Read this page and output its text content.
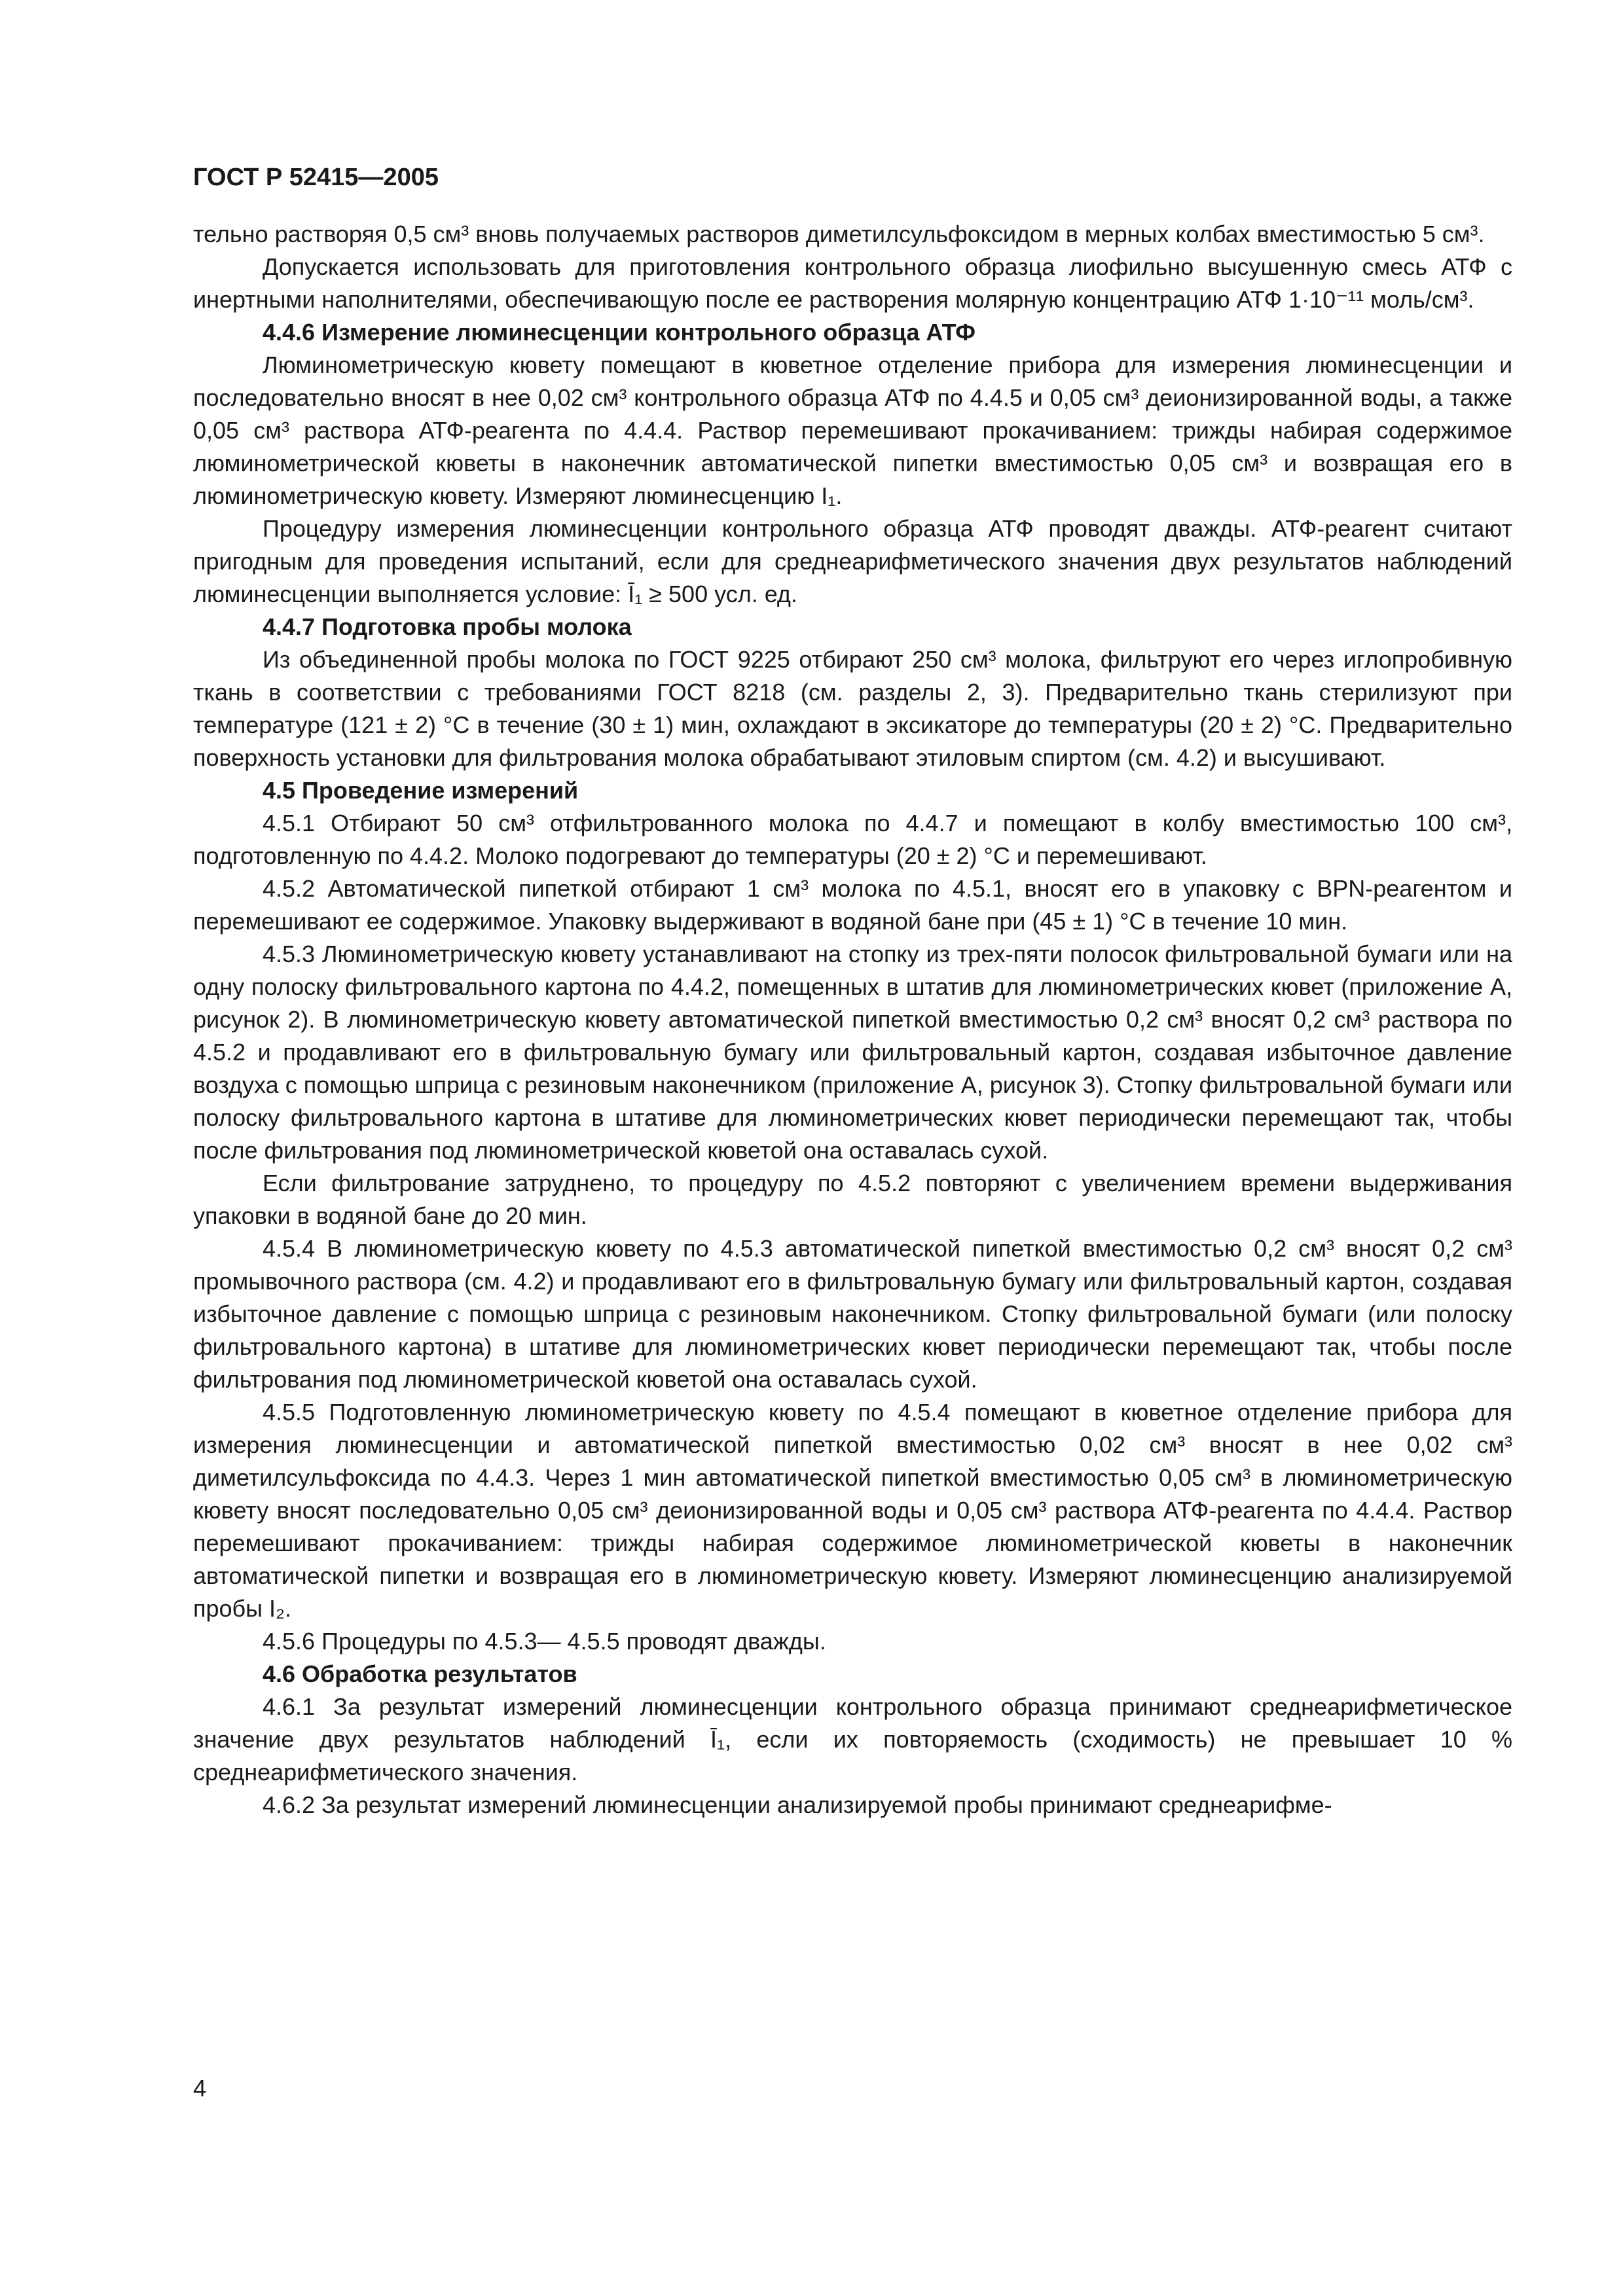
ГОСТ Р 52415—2005

тельно растворяя 0,5 см³ вновь получаемых растворов диметилсульфоксидом в мерных колбах вместимостью 5 см³.

Допускается использовать для приготовления контрольного образца лиофильно высушенную смесь АТФ с инертными наполнителями, обеспечивающую после ее растворения молярную концентрацию АТФ 1·10⁻¹¹ моль/см³.

4.4.6 Измерение люминесценции контрольного образца АТФ

Люминометрическую кювету помещают в кюветное отделение прибора для измерения люминесценции и последовательно вносят в нее 0,02 см³ контрольного образца АТФ по 4.4.5 и 0,05 см³ деионизированной воды, а также 0,05 см³ раствора АТФ-реагента по 4.4.4. Раствор перемешивают прокачиванием: трижды набирая содержимое люминометрической кюветы в наконечник автоматической пипетки вместимостью 0,05 см³ и возвращая его в люминометрическую кювету. Измеряют люминесценцию I₁.

Процедуру измерения люминесценции контрольного образца АТФ проводят дважды. АТФ-реагент считают пригодным для проведения испытаний, если для среднеарифметического значения двух результатов наблюдений люминесценции выполняется условие: Ī₁ ≥ 500 усл. ед.

4.4.7 Подготовка пробы молока

Из объединенной пробы молока по ГОСТ 9225 отбирают 250 см³ молока, фильтруют его через иглопробивную ткань в соответствии с требованиями ГОСТ 8218 (см. разделы 2, 3). Предварительно ткань стерилизуют при температуре (121 ± 2) °С в течение (30 ± 1) мин, охлаждают в эксикаторе до температуры (20 ± 2) °С. Предварительно поверхность установки для фильтрования молока обрабатывают этиловым спиртом (см. 4.2) и высушивают.

4.5 Проведение измерений

4.5.1 Отбирают 50 см³ отфильтрованного молока по 4.4.7 и помещают в колбу вместимостью 100 см³, подготовленную по 4.4.2. Молоко подогревают до температуры (20 ± 2) °С и перемешивают.

4.5.2 Автоматической пипеткой отбирают 1 см³ молока по 4.5.1, вносят его в упаковку с BPN-реагентом и перемешивают ее содержимое. Упаковку выдерживают в водяной бане при (45 ± 1) °С в течение 10 мин.

4.5.3 Люминометрическую кювету устанавливают на стопку из трех-пяти полосок фильтровальной бумаги или на одну полоску фильтровального картона по 4.4.2, помещенных в штатив для люминометрических кювет (приложение А, рисунок 2). В люминометрическую кювету автоматической пипеткой вместимостью 0,2 см³ вносят 0,2 см³ раствора по 4.5.2 и продавливают его в фильтровальную бумагу или фильтровальный картон, создавая избыточное давление воздуха с помощью шприца с резиновым наконечником (приложение А, рисунок 3). Стопку фильтровальной бумаги или полоску фильтровального картона в штативе для люминометрических кювет периодически перемещают так, чтобы после фильтрования под люминометрической кюветой она оставалась сухой.

Если фильтрование затруднено, то процедуру по 4.5.2 повторяют с увеличением времени выдерживания упаковки в водяной бане до 20 мин.

4.5.4 В люминометрическую кювету по 4.5.3 автоматической пипеткой вместимостью 0,2 см³ вносят 0,2 см³ промывочного раствора (см. 4.2) и продавливают его в фильтровальную бумагу или фильтровальный картон, создавая избыточное давление с помощью шприца с резиновым наконечником. Стопку фильтровальной бумаги (или полоску фильтровального картона) в штативе для люминометрических кювет периодически перемещают так, чтобы после фильтрования под люминометрической кюветой она оставалась сухой.

4.5.5 Подготовленную люминометрическую кювету по 4.5.4 помещают в кюветное отделение прибора для измерения люминесценции и автоматической пипеткой вместимостью 0,02 см³ вносят в нее 0,02 см³ диметилсульфоксида по 4.4.3. Через 1 мин автоматической пипеткой вместимостью 0,05 см³ в люминометрическую кювету вносят последовательно 0,05 см³ деионизированной воды и 0,05 см³ раствора АТФ-реагента по 4.4.4. Раствор перемешивают прокачиванием: трижды набирая содержимое люминометрической кюветы в наконечник автоматической пипетки и возвращая его в люминометрическую кювету. Измеряют люминесценцию анализируемой пробы I₂.

4.5.6 Процедуры по 4.5.3— 4.5.5 проводят дважды.

4.6 Обработка результатов

4.6.1 За результат измерений люминесценции контрольного образца принимают среднеарифметическое значение двух результатов наблюдений Ī₁, если их повторяемость (сходимость) не превышает 10 % среднеарифметического значения.

4.6.2 За результат измерений люминесценции анализируемой пробы принимают среднеарифме-

4
